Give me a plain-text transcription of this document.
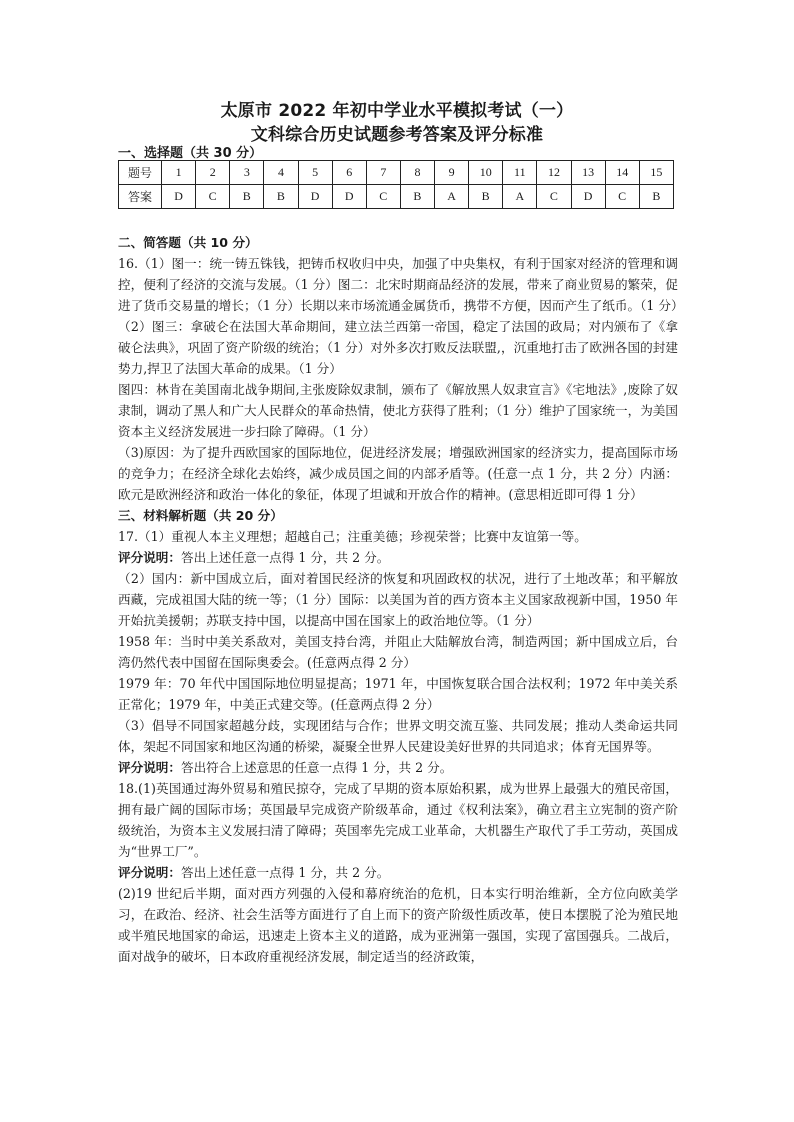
太原市 2022 年初中学业水平模拟考试（一）
文科综合历史试题参考答案及评分标准
一、选择题（共 30 分）
题号	1	2	3	4	5	6	7	8	9	10	11	12	13	14	15
答案	D	C	B	B	D	D	C	B	A	B	A	C	D	C	B

二、简答题（共 10 分）

16.（1）图一：统一铸五铢钱，把铸币权收归中央，加强了中央集权，有利于国家对经济的管理和调控，便利了经济的交流与发展。（1 分）图二：北宋时期商品经济的发展，带来了商业贸易的繁荣，促进了货币交易量的增长；（1 分）长期以来市场流通金属货币，携带不方便，因而产生了纸币。（1 分）

（2）图三：拿破仑在法国大革命期间，建立法兰西第一帝国，稳定了法国的政局；对内颁布了《拿破仑法典》，巩固了资产阶级的统治；（1 分）对外多次打败反法联盟,，沉重地打击了欧洲各国的封建势力,捍卫了法国大革命的成果。（1 分）

图四：林肯在美国南北战争期间,主张废除奴隶制，颁布了《解放黑人奴隶宣言》《宅地法》,废除了奴隶制，调动了黑人和广大人民群众的革命热情，使北方获得了胜利；（1 分）维护了国家统一，为美国资本主义经济发展进一步扫除了障碍。（1 分）

（3)原因：为了提升西欧国家的国际地位，促进经济发展；增强欧洲国家的经济实力，提高国际市场的竞争力；在经济全球化去始终，减少成员国之间的内部矛盾等。(任意一点 1 分，共 2 分）内涵：欧元是欧洲经济和政治一体化的象征，体现了坦诚和开放合作的精神。(意思相近即可得 1 分）

三、材料解析题（共 20 分）

17.（1）重视人本主义理想；超越自己；注重美德；珍视荣誉；比赛中友谊第一等。

评分说明：答出上述任意一点得 1 分，共 2 分。

（2）国内：新中国成立后，面对着国民经济的恢复和巩固政权的状况，进行了土地改革；和平解放西藏，完成祖国大陆的统一等；（1 分）国际：以美国为首的西方资本主义国家敌视新中国，1950 年开始抗美援朝；苏联支持中国，以提高中国在国家上的政治地位等。（1 分）

1958 年：当时中美关系敌对，美国支持台湾，并阻止大陆解放台湾，制造两国；新中国成立后，台湾仍然代表中国留在国际奥委会。(任意两点得 2 分）

1979 年：70 年代中国国际地位明显提高；1971 年，中国恢复联合国合法权利；1972 年中美关系正常化；1979 年，中美正式建交等。(任意两点得 2 分）

（3）倡导不同国家超越分歧，实现团结与合作；世界文明交流互鉴、共同发展；推动人类命运共同体，架起不同国家和地区沟通的桥梁，凝聚全世界人民建设美好世界的共同追求；体育无国界等。

评分说明：答出符合上述意思的任意一点得 1 分，共 2 分。

18.(1)英国通过海外贸易和殖民掠夺，完成了早期的资本原始积累，成为世界上最强大的殖民帝国，拥有最广阔的国际市场；英国最早完成资产阶级革命，通过《权利法案》，确立君主立宪制的资产阶级统治，为资本主义发展扫清了障碍；英国率先完成工业革命，大机器生产取代了手工劳动，英国成为“世界工厂”。

评分说明：答出上述任意一点得 1 分，共 2 分。

(2)19 世纪后半期，面对西方列强的入侵和幕府统治的危机，日本实行明治维新，全方位向欧美学习，在政治、经济、社会生活等方面进行了自上而下的资产阶级性质改革，使日本摆脱了沦为殖民地或半殖民地国家的命运，迅速走上资本主义的道路，成为亚洲第一强国，实现了富国强兵。二战后，面对战争的破坏，日本政府重视经济发展，制定适当的经济政策，
